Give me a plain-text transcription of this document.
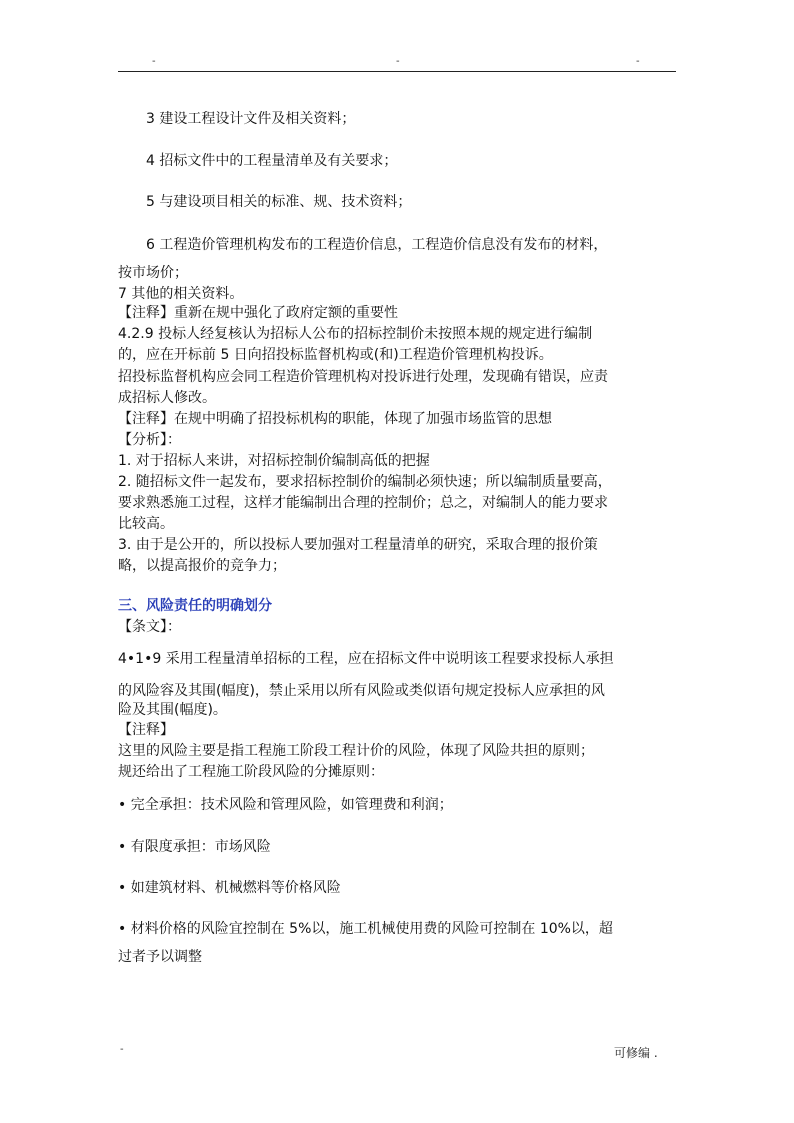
-	-	-
3 建设工程设计文件及相关资料；
4 招标文件中的工程量清单及有关要求；
5 与建设项目相关的标准、规、技术资料；
6 工程造价管理机构发布的工程造价信息，工程造价信息没有发布的材料，
按市场价；
7 其他的相关资料。
【注释】重新在规中强化了政府定额的重要性
4.2.9 投标人经复核认为招标人公布的招标控制价未按照本规的规定进行编制
的，应在开标前 5 日向招投标监督机构或(和)工程造价管理机构投诉。
招投标监督机构应会同工程造价管理机构对投诉进行处理，发现确有错误，应责
成招标人修改。
【注释】在规中明确了招投标机构的职能，体现了加强市场监管的思想
【分析】：
1. 对于招标人来讲，对招标控制价编制高低的把握
2. 随招标文件一起发布，要求招标控制价的编制必须快速；所以编制质量要高，
要求熟悉施工过程，这样才能编制出合理的控制价；总之，对编制人的能力要求
比较高。
3. 由于是公开的，所以投标人要加强对工程量清单的研究，采取合理的报价策
略，以提高报价的竞争力；
三、风险责任的明确划分
【条文】：
4•1•9 采用工程量清单招标的工程，应在招标文件中说明该工程要求投标人承担
的风险容及其围(幅度)，禁止采用以所有风险或类似语句规定投标人应承担的风
险及其围(幅度)。
【注释】
这里的风险主要是指工程施工阶段工程计价的风险，体现了风险共担的原则；
规还给出了工程施工阶段风险的分摊原则：
• 完全承担：技术风险和管理风险，如管理费和利润；
• 有限度承担：市场风险
• 如建筑材料、机械燃料等价格风险
• 材料价格的风险宜控制在 5%以，施工机械使用费的风险可控制在 10%以，超
过者予以调整
-	可修编 .
